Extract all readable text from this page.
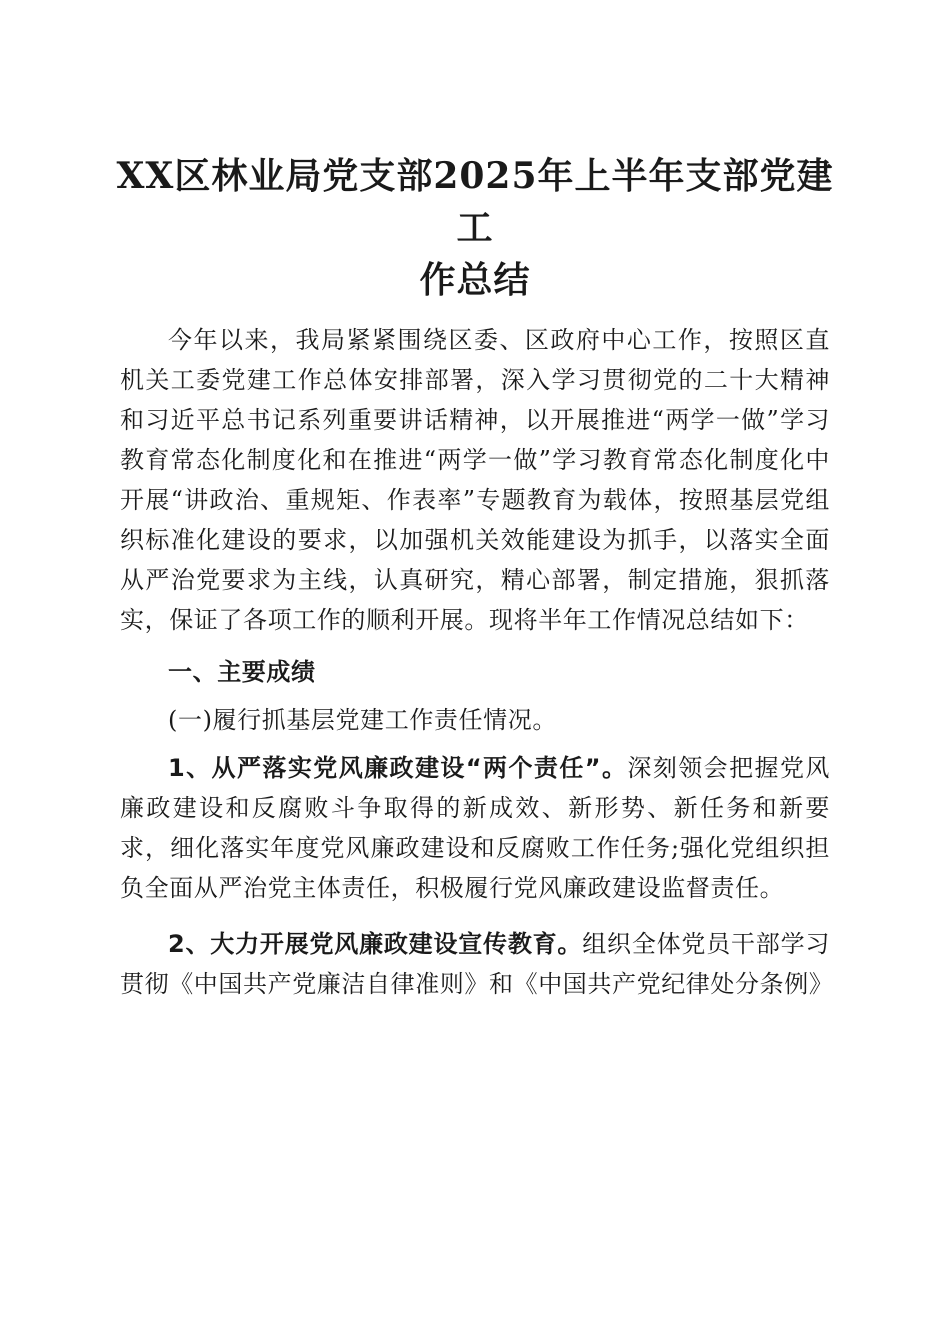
XX区林业局党支部2025年上半年支部党建工
作总结

今年以来，我局紧紧围绕区委、区政府中心工作，按照区直机关工委党建工作总体安排部署，深入学习贯彻党的二十大精神和习近平总书记系列重要讲话精神，以开展推进“两学一做”学习教育常态化制度化和在推进“两学一做”学习教育常态化制度化中开展“讲政治、重规矩、作表率”专题教育为载体，按照基层党组织标准化建设的要求，以加强机关效能建设为抓手，以落实全面从严治党要求为主线，认真研究，精心部署，制定措施，狠抓落实，保证了各项工作的顺利开展。现将半年工作情况总结如下：

一、主要成绩

(一)履行抓基层党建工作责任情况。

1、从严落实党风廉政建设“两个责任”。深刻领会把握党风廉政建设和反腐败斗争取得的新成效、新形势、新任务和新要求，细化落实年度党风廉政建设和反腐败工作任务;强化党组织担负全面从严治党主体责任，积极履行党风廉政建设监督责任。

2、大力开展党风廉政建设宣传教育。组织全体党员干部学习贯彻《中国共产党廉洁自律准则》和《中国共产党纪律处分条例》
